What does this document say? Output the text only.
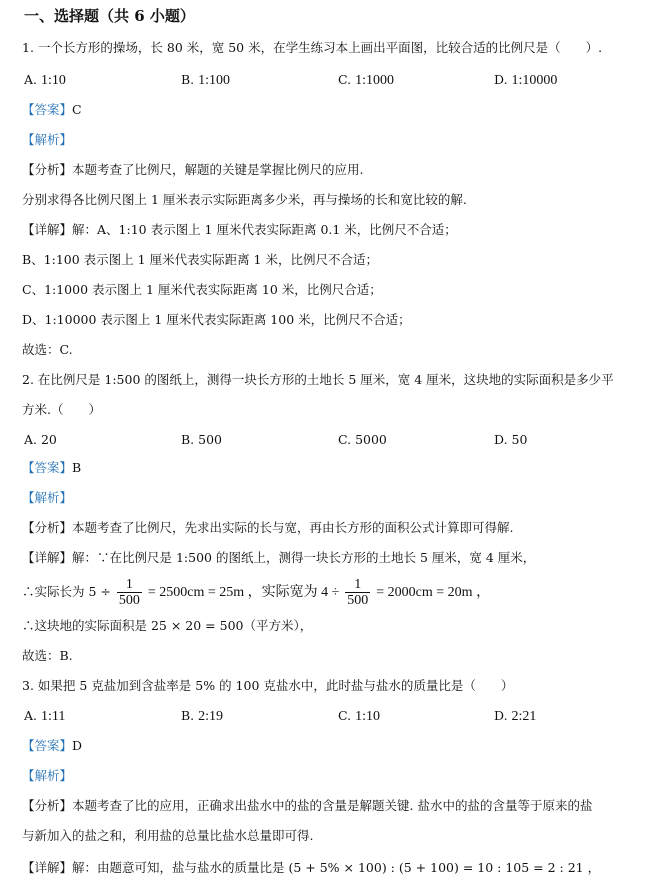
一、选择题（共 6 小题）
1. 一个长方形的操场，长 80 米，宽 50 米，在学生练习本上画出平面图，比较合适的比例尺是（　　）.
A. 1:10	B. 1:100	C. 1:1000	D. 1:10000
【答案】C
【解析】
【分析】本题考查了比例尺，解题的关键是掌握比例尺的应用.
分别求得各比例尺图上 1 厘米表示实际距离多少米，再与操场的长和宽比较的解.
【详解】解：A、1:10 表示图上 1 厘米代表实际距离 0.1 米，比例尺不合适；
B、1:100 表示图上 1 厘米代表实际距离 1 米，比例尺不合适；
C、1:1000 表示图上 1 厘米代表实际距离 10 米，比例尺合适；
D、1:10000 表示图上 1 厘米代表实际距离 100 米，比例尺不合适；
故选：C.
2. 在比例尺是 1:500 的图纸上，测得一块长方形的土地长 5 厘米，宽 4 厘米，这块地的实际面积是多少平
方米.（　　）
A. 20	B. 500	C. 5000	D. 50
【答案】B
【解析】
【分析】本题考查了比例尺，先求出实际的长与宽，再由长方形的面积公式计算即可得解.
【详解】解：∵在比例尺是 1:500 的图纸上，测得一块长方形的土地长 5 厘米，宽 4 厘米，
∴实际长为 $5 \div \frac{1}{500} = 2500cm = 25m$ ，实际宽为 $4 \div \frac{1}{500} = 2000cm = 20m$ ，
∴这块地的实际面积是 25 × 20 = 500（平方米），
故选：B.
3. 如果把 5 克盐加到含盐率是 5% 的 100 克盐水中，此时盐与盐水的质量比是（　　）
A. 1:11	B. 2:19	C. 1:10	D. 2:21
【答案】D
【解析】
【分析】本题考查了比的应用，正确求出盐水中的盐的含量是解题关键. 盐水中的盐的含量等于原来的盐
与新加入的盐之和，利用盐的总量比盐水总量即可得.
【详解】解：由题意可知，盐与盐水的质量比是 (5 + 5% × 100) : (5 + 100) = 10 : 105 = 2 : 21 ，
